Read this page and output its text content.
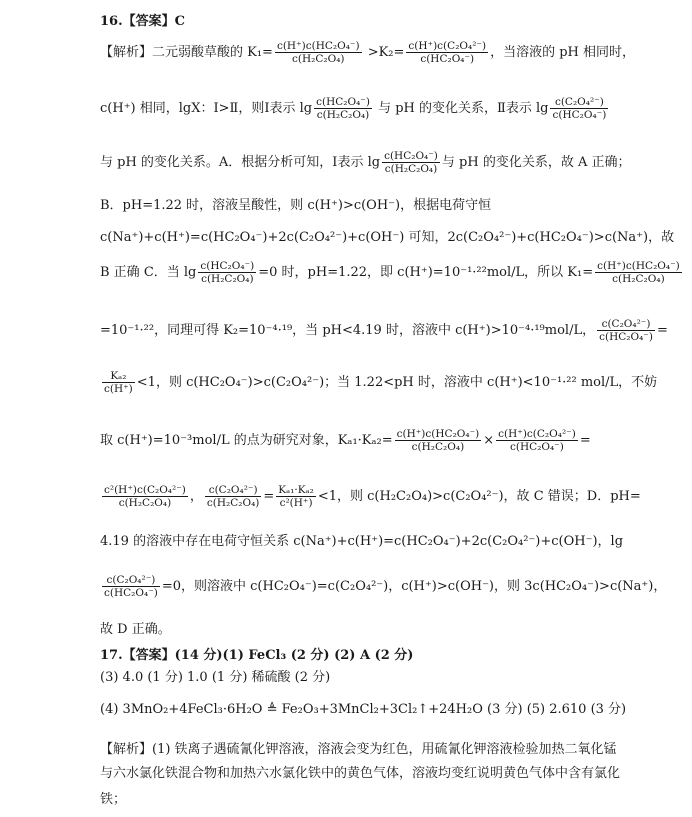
16.【答案】C
【解析】二元弱酸草酸的 $K_1= \frac{\text{c(H⁺)c(HC₂O₄⁻)}}{\text{c(H₂C₂O₄)}} >K_2= \frac{\text{c(H⁺)c(C₂O₄²⁻)}}{\text{c(HC₂O₄⁻)}}$ ，当溶液的 pH 相同时，
c(H⁺) 相同，lgX：Ⅰ>Ⅱ，则Ⅰ表示 $\lg \frac{\text{c(HC₂O₄⁻)}}{\text{c(H₂C₂O₄)}}$ 与 pH 的变化关系，Ⅱ表示 $\lg \frac{\text{c(C₂O₄²⁻)}}{\text{c(HC₂O₄⁻)}}$
与 pH 的变化关系。A．根据分析可知，Ⅰ表示 $\lg \frac{\text{c(HC₂O₄⁻)}}{\text{c(H₂C₂O₄)}}$ 与 pH 的变化关系，故 A 正确；
B．pH=1.22 时，溶液呈酸性，则 c(H⁺)>c(OH⁻)，根据电荷守恒
c(Na⁺)+c(H⁺)=c(HC₂O₄⁻)+2c(C₂O₄²⁻)+c(OH⁻) 可知，2c(C₂O₄²⁻)+c(HC₂O₄⁻)>c(Na⁺)，故
B 正确 C．当 $\lg \frac{\text{c(HC₂O₄⁻)}}{\text{c(H₂C₂O₄)}} =0$ 时，pH=1.22，即 c(H⁺)=10⁻¹·²²mol/L，所以 $K_1= \frac{\text{c(H⁺)c(HC₂O₄⁻)}}{\text{c(H₂C₂O₄)}}$
=10⁻¹·²²，同理可得 K₂=10⁻⁴·¹⁹，当 pH<4.19 时，溶液中 c(H⁺)>10⁻⁴·¹⁹mol/L， $\frac{\text{c(C₂O₄²⁻)}}{\text{c(HC₂O₄⁻)}}$ =
$\frac{\text{Kₐ₂}}{c(H^+)} <1$，则 c(HC₂O₄⁻)>c(C₂O₄²⁻)；当 1.22<pH 时，溶液中 c(H⁺)<10⁻¹·²² mol/L，不妨
取 c(H⁺)=10⁻³mol/L 的点为研究对象，$K_{a1}\cdot K_{a2}= \frac{\text{c(H⁺)c(HC₂O₄⁻)}}{\text{c(H₂C₂O₄)}} \times \frac{\text{c(H⁺)c(C₂O₄²⁻)}}{\text{c(HC₂O₄⁻)}}$ =
$\frac{\text{c²(H⁺)c(C₂O₄²⁻)}}{\text{c(H₂C₂O₄)}}$ ， $\frac{\text{c(C₂O₄²⁻)}}{\text{c(H₂C₂O₄)}} = \frac{\text{Kₐ₁·Kₐ₂}}{\text{c²(H⁺)}} <1$，则 c(H₂C₂O₄)>c(C₂O₄²⁻)，故 C 错误；D．pH=
4.19 的溶液中存在电荷守恒关系 c(Na⁺)+c(H⁺)=c(HC₂O₄⁻)+2c(C₂O₄²⁻)+c(OH⁻)，lg
$\frac{\text{c(C₂O₄²⁻)}}{\text{c(HC₂O₄⁻)}} =0$，则溶液中 c(HC₂O₄⁻)=c(C₂O₄²⁻)，c(H⁺)>c(OH⁻)，则 3c(HC₂O₄⁻)>c(Na⁺)，
故 D 正确。
17.【答案】(14 分)(1) FeCl₃ (2 分) (2) A (2 分)
(3) 4.0 (1 分) 1.0 (1 分) 稀硫酸 (2 分)
(4) 3MnO₂+4FeCl₃·6H₂O ≜ Fe₂O₃+3MnCl₂+3Cl₂↑+24H₂O (3 分) (5) 2.610 (3 分)
【解析】(1) 铁离子遇硫氰化钾溶液，溶液会变为红色，用硫氰化钾溶液检验加热二氧化锰
与六水氯化铁混合物和加热六水氯化铁中的黄色气体，溶液均变红说明黄色气体中含有氯化
铁；
